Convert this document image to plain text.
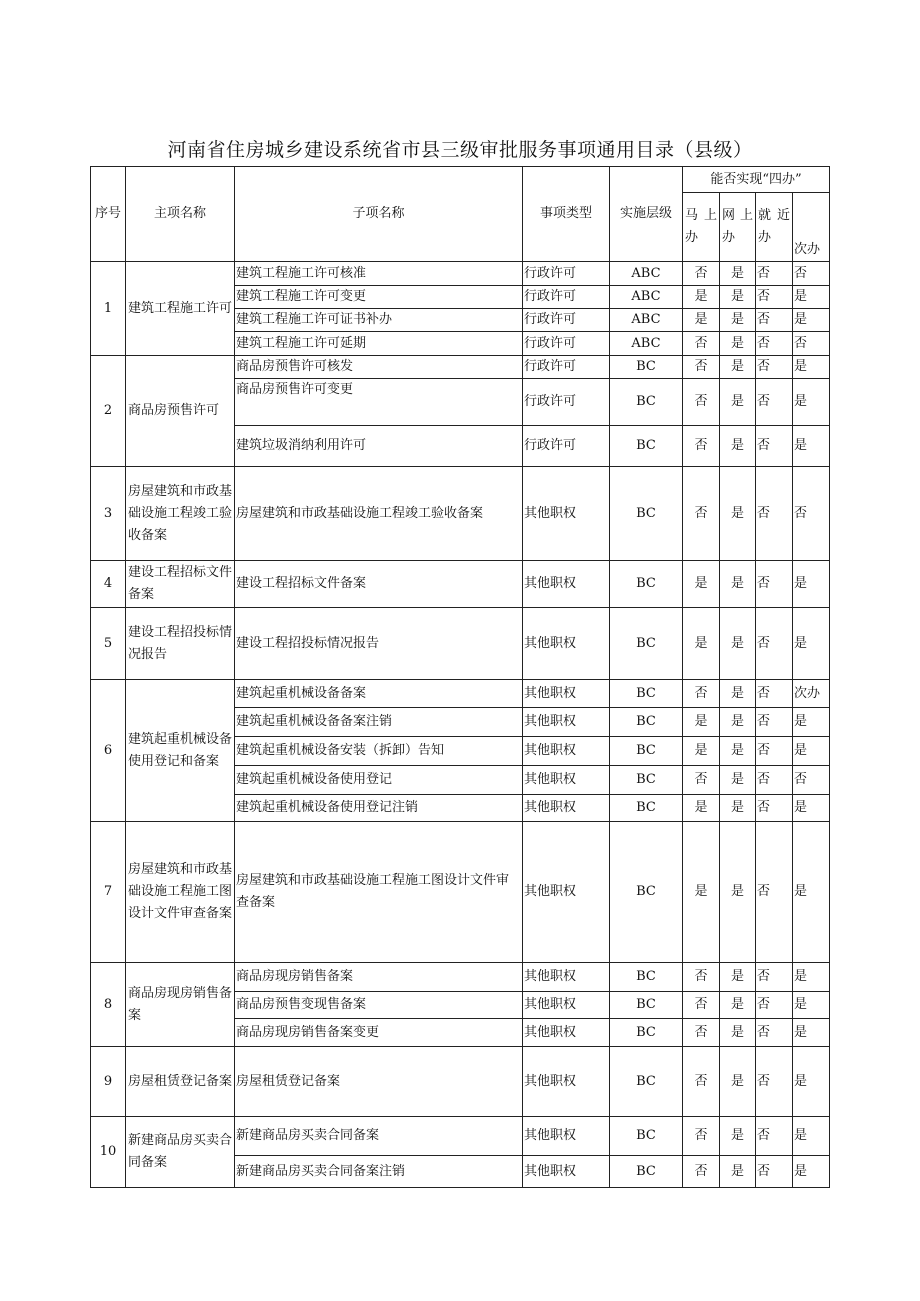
河南省住房城乡建设系统省市县三级审批服务事项通用目录（县级）
序号	主项名称	子项名称	事项类型	实施层级	能否实现“四办”			
					马上办	网上办	就近办	次办
1	建筑工程施工许可	建筑工程施工许可核准	行政许可	ABC	否	是	否	否
		建筑工程施工许可变更	行政许可	ABC	是	是	否	是
		建筑工程施工许可证书补办	行政许可	ABC	是	是	否	是
		建筑工程施工许可延期	行政许可	ABC	否	是	否	否
2	商品房预售许可	商品房预售许可核发	行政许可	BC	否	是	否	是
		商品房预售许可变更	行政许可	BC	否	是	否	是
		建筑垃圾消纳利用许可	行政许可	BC	否	是	否	是
3	房屋建筑和市政基础设施工程竣工验收备案	房屋建筑和市政基础设施工程竣工验收备案	其他职权	BC	否	是	否	否
4	建设工程招标文件备案	建设工程招标文件备案	其他职权	BC	是	是	否	是
5	建设工程招投标情况报告	建设工程招投标情况报告	其他职权	BC	是	是	否	是
6	建筑起重机械设备使用登记和备案	建筑起重机械设备备案	其他职权	BC	否	是	否	次办
		建筑起重机械设备备案注销	其他职权	BC	是	是	否	是
		建筑起重机械设备安装（拆卸）告知	其他职权	BC	是	是	否	是
		建筑起重机械设备使用登记	其他职权	BC	否	是	否	否
		建筑起重机械设备使用登记注销	其他职权	BC	是	是	否	是
7	房屋建筑和市政基础设施工程施工图设计文件审查备案	房屋建筑和市政基础设施工程施工图设计文件审查备案	其他职权	BC	是	是	否	是
8	商品房现房销售备案	商品房现房销售备案	其他职权	BC	否	是	否	是
		商品房预售变现售备案	其他职权	BC	否	是	否	是
		商品房现房销售备案变更	其他职权	BC	否	是	否	是
9	房屋租赁登记备案	房屋租赁登记备案	其他职权	BC	否	是	否	是
10	新建商品房买卖合同备案	新建商品房买卖合同备案	其他职权	BC	否	是	否	是
		新建商品房买卖合同备案注销	其他职权	BC	否	是	否	是
